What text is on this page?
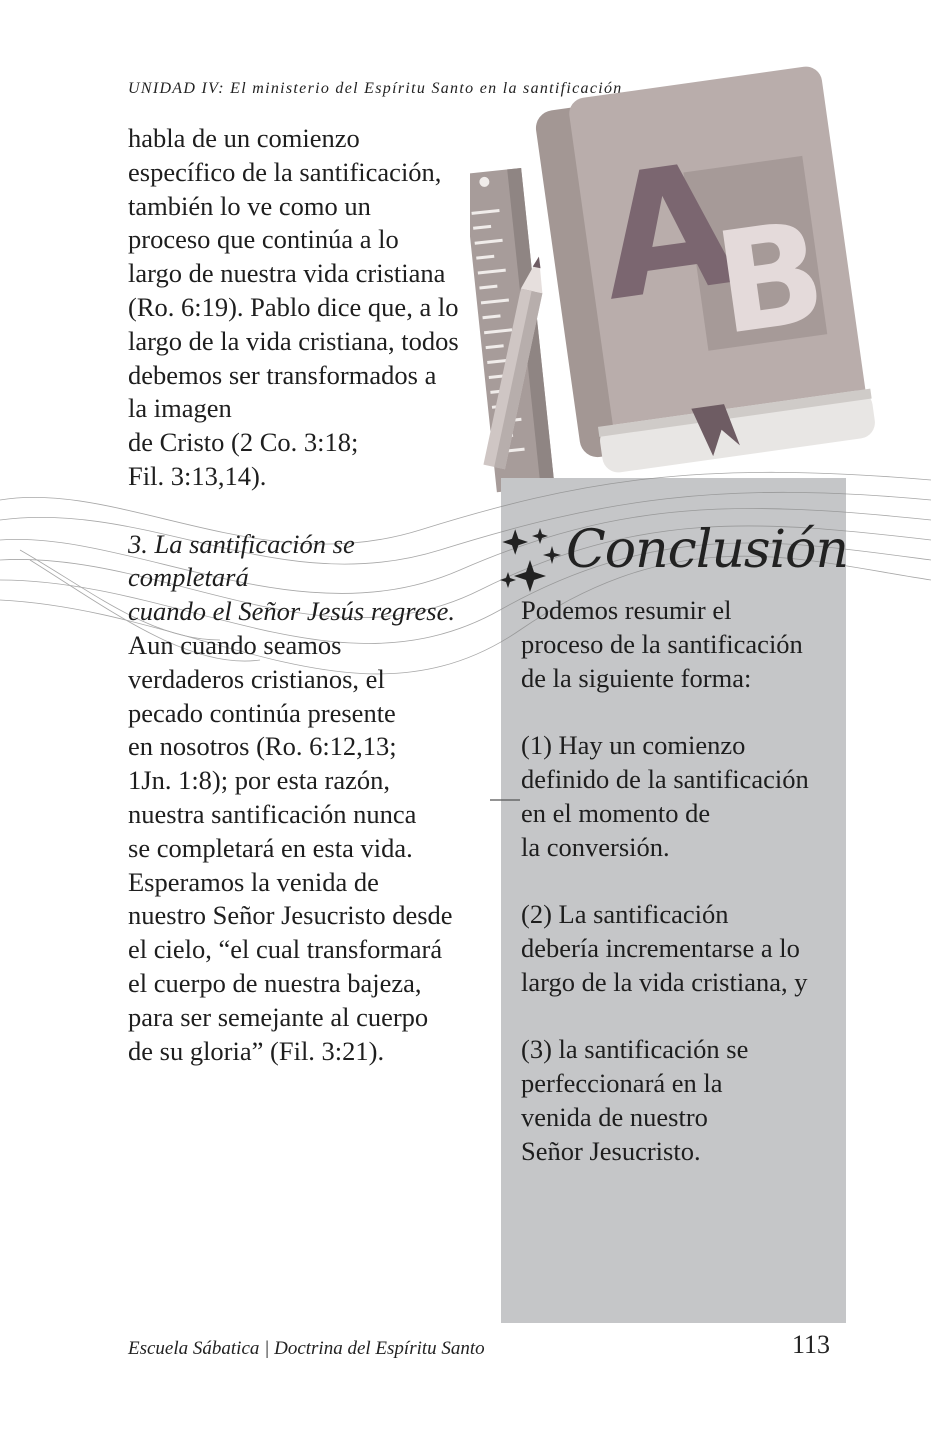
UNIDAD IV: El ministerio del Espíritu Santo en la santificación
A
B

habla de un comienzo
específico de la santificación,
también lo ve como un
proceso que continúa a lo
largo de nuestra vida cristiana
(Ro. 6:19). Pablo dice que, a lo
largo de la vida cristiana, todos
debemos ser transformados a
la imagen
de Cristo (2 Co. 3:18;
Fil. 3:13,14).

3. La santificación se completará
cuando el Señor Jesús regrese.

Aun cuando seamos
verdaderos cristianos, el
pecado continúa presente
en nosotros (Ro. 6:12,13;
1Jn. 1:8); por esta razón,
nuestra santificación nunca
se completará en esta vida.
Esperamos la venida de
nuestro Señor Jesucristo desde
el cielo, “el cual transformará
el cuerpo de nuestra bajeza,
para ser semejante al cuerpo
de su gloria” (Fil. 3:21).

Conclusión

Podemos resumir el
proceso de la santificación
de la siguiente forma:

(1) Hay un comienzo
definido de la santificación
en el momento de
la conversión.

(2) La santificación
debería incrementarse a lo
largo de la vida cristiana, y

(3) la santificación se
perfeccionará en la
venida de nuestro
Señor Jesucristo.

Escuela Sábatica | Doctrina del Espíritu Santo	113
